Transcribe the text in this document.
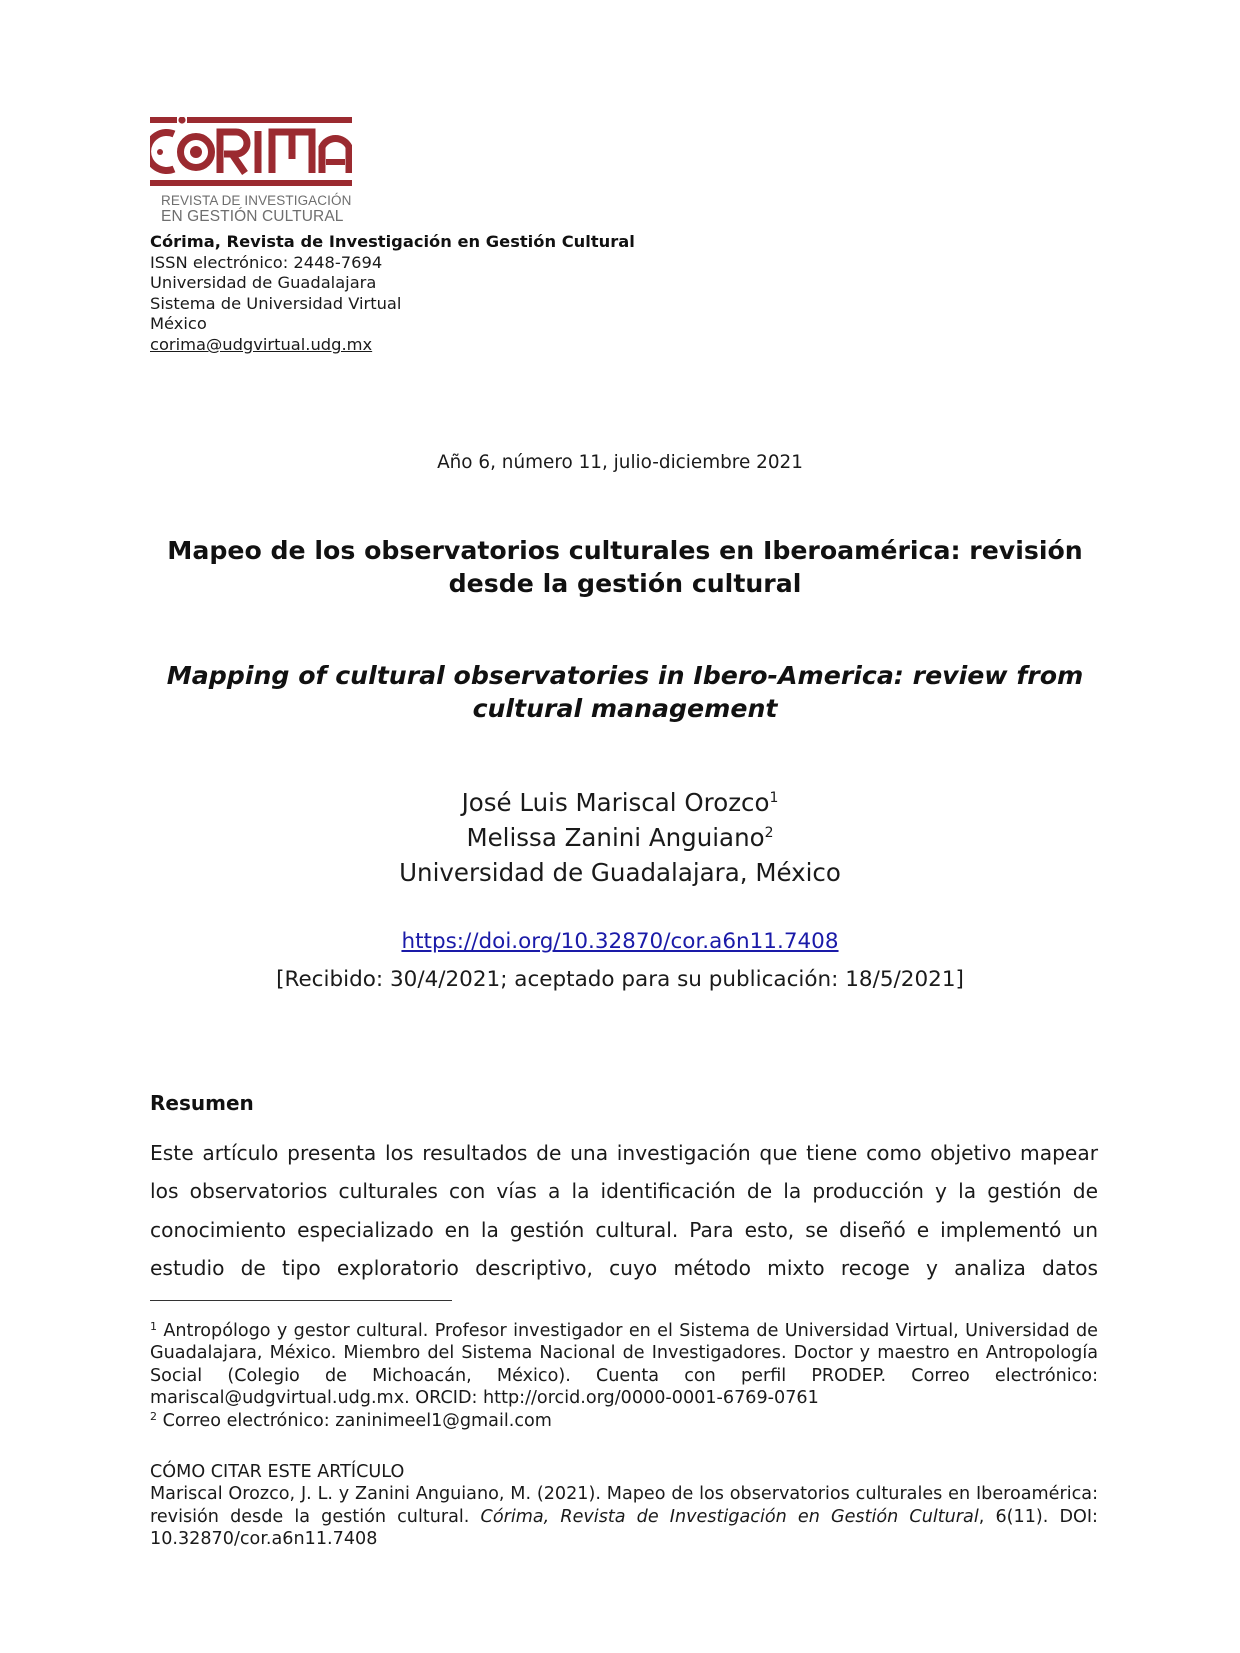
REVISTA DE INVESTIGACIÓN
EN GESTIÓN CULTURAL
Córima, Revista de Investigación en Gestión Cultural
ISSN electrónico: 2448-7694
Universidad de Guadalajara
Sistema de Universidad Virtual
México
corima@udgvirtual.udg.mx
Año 6, número 11, julio-diciembre 2021
Mapeo de los observatorios culturales en Iberoamérica: revisión
desde la gestión cultural
Mapping of cultural observatories in Ibero-America: review from
cultural management
José Luis Mariscal Orozco$^1$
Melissa Zanini Anguiano$^2$
Universidad de Guadalajara, México
https://doi.org/10.32870/cor.a6n11.7408
[Recibido: 30/4/2021; aceptado para su publicación: 18/5/2021]
Resumen
Este artículo presenta los resultados de una investigación que tiene como objetivo mapear
los observatorios culturales con vías a la identificación de la producción y la gestión de
conocimiento especializado en la gestión cultural. Para esto, se diseñó e implementó un
estudio de tipo exploratorio descriptivo, cuyo método mixto recoge y analiza datos

$^1$ Antropólogo y gestor cultural. Profesor investigador en el Sistema de Universidad Virtual, Universidad de Guadalajara, México. Miembro del Sistema Nacional de Investigadores. Doctor y maestro en Antropología Social (Colegio de Michoacán, México). Cuenta con perfil PRODEP. Correo electrónico: mariscal@udgvirtual.udg.mx. ORCID: http://orcid.org/0000-0001-6769-0761

$^2$ Correo electrónico: zaninimeel1@gmail.com

CÓMO CITAR ESTE ARTÍCULO

Mariscal Orozco, J. L. y Zanini Anguiano, M. (2021). Mapeo de los observatorios culturales en Iberoamérica: revisión desde la gestión cultural. Córima, Revista de Investigación en Gestión Cultural, 6(11). DOI: 10.32870/cor.a6n11.7408
